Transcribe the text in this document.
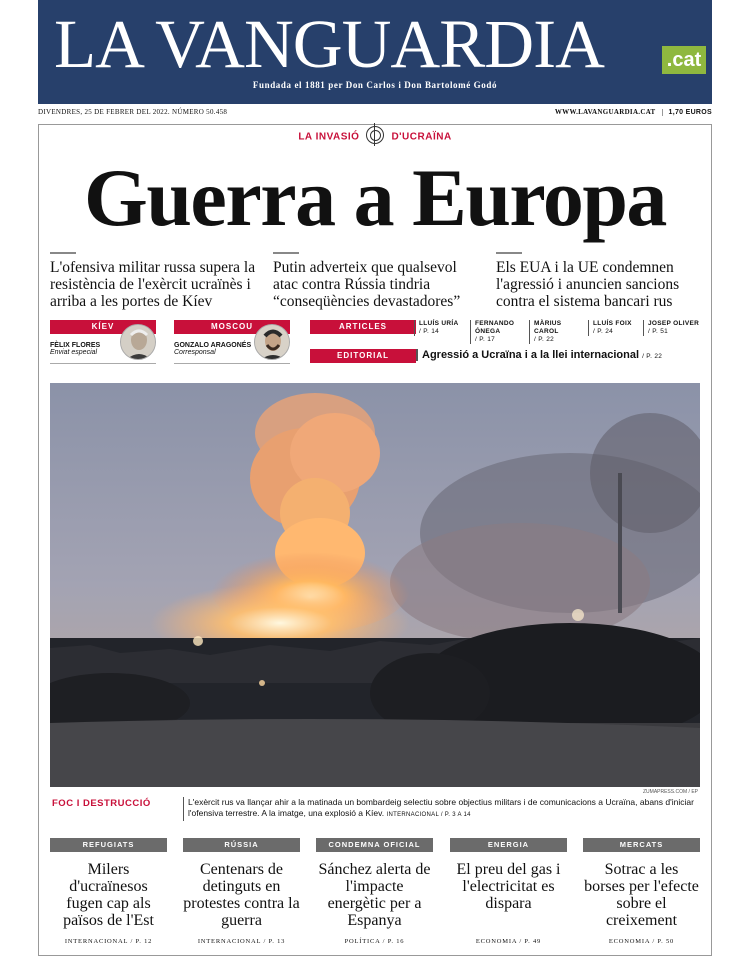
LA VANGUARDIA	.cat
Fundada el 1881 per Don Carlos i Don Bartolomé Godó
DIVENDRES, 25 DE FEBRER DEL 2022. NÚMERO 50.458	WWW.LAVANGUARDIA.CAT 1,70 EUROS
LA INVASIÓ	D'UCRAÏNA
Guerra a Europa
L'ofensiva militar russa supera la resistència de l'exèrcit ucraïnès i arriba a les portes de Kíev
Putin adverteix que qualsevol atac contra Rússia tindria “conseqüències devastadores”
Els EUA i la UE condemnen l'agressió i anuncien sancions contra el sistema bancari rus
KÍEV
FÈLIX FLORES
Enviat especial
MOSCOU
GONZALO ARAGONÉS
Corresponsal
ARTICLES	LLUÍS URÍA
/ P. 14
FERNANDO ÓNEGA
/ P. 17
MÀRIUS CAROL
/ P. 22
LLUÍS FOIX
/ P. 24
JOSEP OLIVER
/ P. 51
EDITORIAL	Agressió a Ucraïna i a la llei internacional / P. 22
ZUMAPRESS.COM / EP
FOC I DESTRUCCIÓ	L'exèrcit rus va llançar ahir a la matinada un bombardeig selectiu sobre objectius militars i de comunicacions a Ucraïna, abans d'iniciar l'ofensiva terrestre. A la imatge, una explosió a Kíev. INTERNACIONAL / P. 3 A 14
REFUGIATS
Milers d'ucraïnesos fugen cap als països de l'Est
INTERNACIONAL / P. 12
RÚSSIA
Centenars de detinguts en protestes contra la guerra
INTERNACIONAL / P. 13
CONDEMNA OFICIAL
Sánchez alerta de l'impacte energètic per a Espanya
POLÍTICA / P. 16
ENERGIA
El preu del gas i l'electricitat es dispara
ECONOMIA / P. 49
MERCATS
Sotrac a les borses per l'efecte sobre el creixement
ECONOMIA / P. 50
